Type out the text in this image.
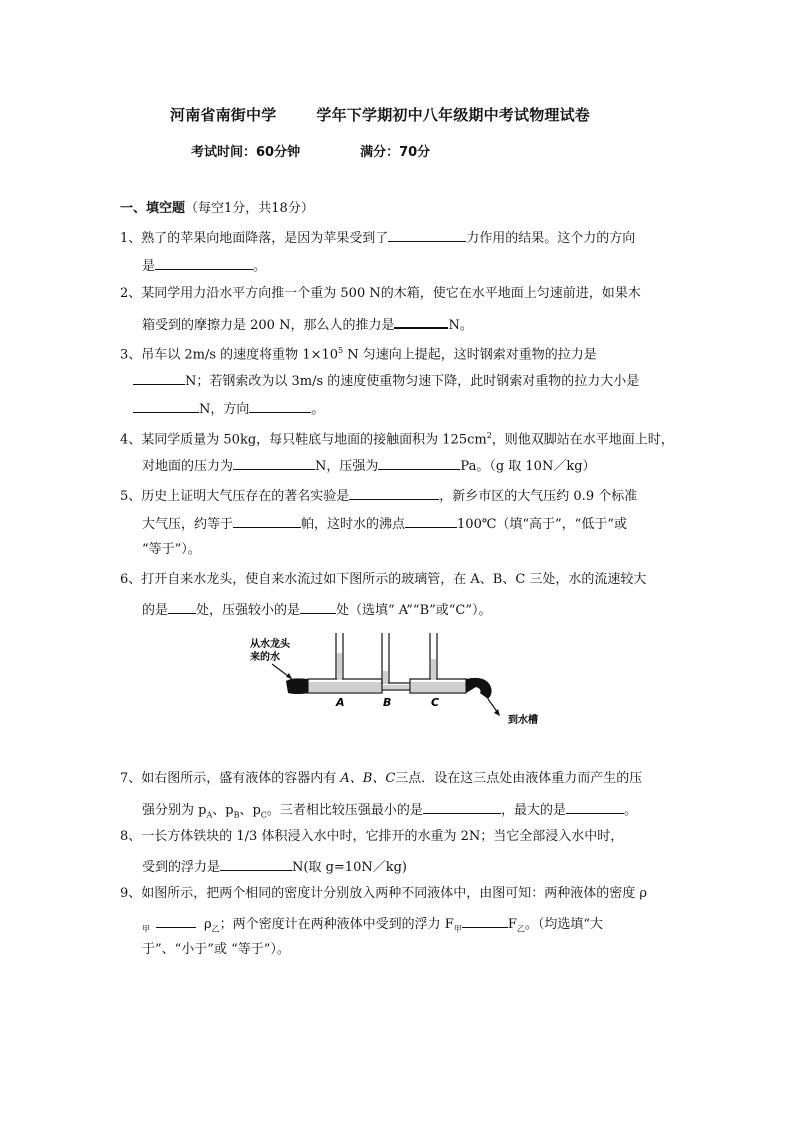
河南省南街中学	学年下学期初中八年级期中考试物理试卷
考试时间：60分钟	满分：70分
一、填空题（每空1分，共18分）
1、熟了的苹果向地面降落，是因为苹果受到了	力作用的结果。这个力的方向
是	。
2、某同学用力沿水平方向推一个重为 500 N的木箱，使它在水平地面上匀速前进，如果木
箱受到的摩擦力是 200 N，那么人的推力是	N。
3、吊车以 2m/s 的速度将重物 $1\times 10^5$ N 匀速向上提起，这时钢索对重物的拉力是
N；若钢索改为以 3m/s 的速度使重物匀速下降，此时钢索对重物的拉力大小是
N，方向	。
4、某同学质量为 50kg，每只鞋底与地面的接触面积为 $125cm^2$，则他双脚站在水平地面上时，
对地面的压力为	N，压强为	Pa。（g 取 10N／kg）
5、历史上证明大气压存在的著名实验是	，新乡市区的大气压约 0.9 个标准
大气压，约等于	帕，这时水的沸点	100℃（填“高于”，“低于”或
“等于”）。
6、打开自来水龙头，使自来水流过如下图所示的玻璃管，在 A、B、C 三处，水的流速较大
的是 处，压强较小的是	处（选填“ A”“B”或“C”）。
从水龙头
来的水
到水槽
A	B	C
7、如右图所示，盛有液体的容器内有 A、B、C三点．设在这三点处由液体重力而产生的压
强分别为 $p_A$、$p_B$、$p_C$。三者相比较压强最小的是	，最大的是	。
8、一长方体铁块的 1/3 体积浸入水中时，它排开的水重为 2N；当它全部浸入水中时，
受到的浮力是	N(取 g=10N／kg)
9、如图所示，把两个相同的密度计分别放入两种不同液体中，由图可知：两种液体的密度 ρ
$_甲$	$\rho_乙$；两个密度计在两种液体中受到的浮力 $F_甲$	$F_乙$。（均选填“大
于”、“小于”或 “等于”）。
